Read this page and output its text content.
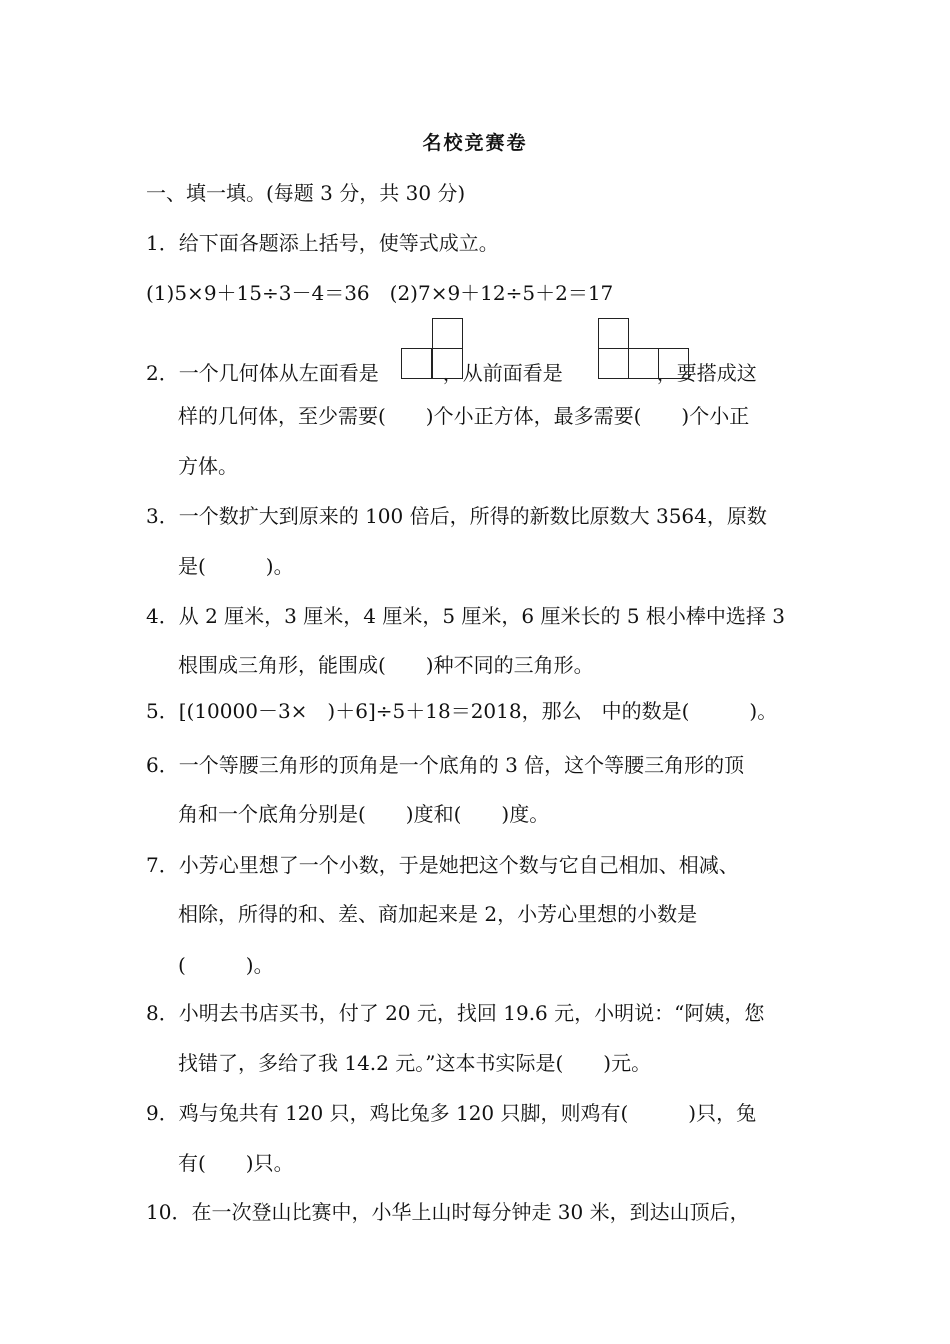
名校竞赛卷
一、填一填。(每题 3 分，共 30 分)
1．给下面各题添上括号，使等式成立。
(1)5×9＋15÷3－4＝36　(2)7×9＋12÷5＋2＝17
2．一个几何体从左面看是	，从前面看是	，要搭成这
样的几何体，至少需要(　　)个小正方体，最多需要(　　)个小正
方体。
3．一个数扩大到原来的 100 倍后，所得的新数比原数大 3564，原数
是(　　　)。
4．从 2 厘米，3 厘米，4 厘米，5 厘米，6 厘米长的 5 根小棒中选择 3
根围成三角形，能围成(　　)种不同的三角形。
5．[(10000－3×　)＋6]÷5＋18＝2018，那么　中的数是(　　　)。
6．一个等腰三角形的顶角是一个底角的 3 倍，这个等腰三角形的顶
角和一个底角分别是(　　)度和(　　)度。
7．小芳心里想了一个小数，于是她把这个数与它自己相加、相减、
相除，所得的和、差、商加起来是 2，小芳心里想的小数是
(　　　)。
8．小明去书店买书，付了 20 元，找回 19.6 元，小明说：“阿姨，您
找错了，多给了我 14.2 元。”这本书实际是(　　)元。
9．鸡与兔共有 120 只，鸡比兔多 120 只脚，则鸡有(　　　)只，兔
有(　　)只。
10．在一次登山比赛中，小华上山时每分钟走 30 米，到达山顶后，
